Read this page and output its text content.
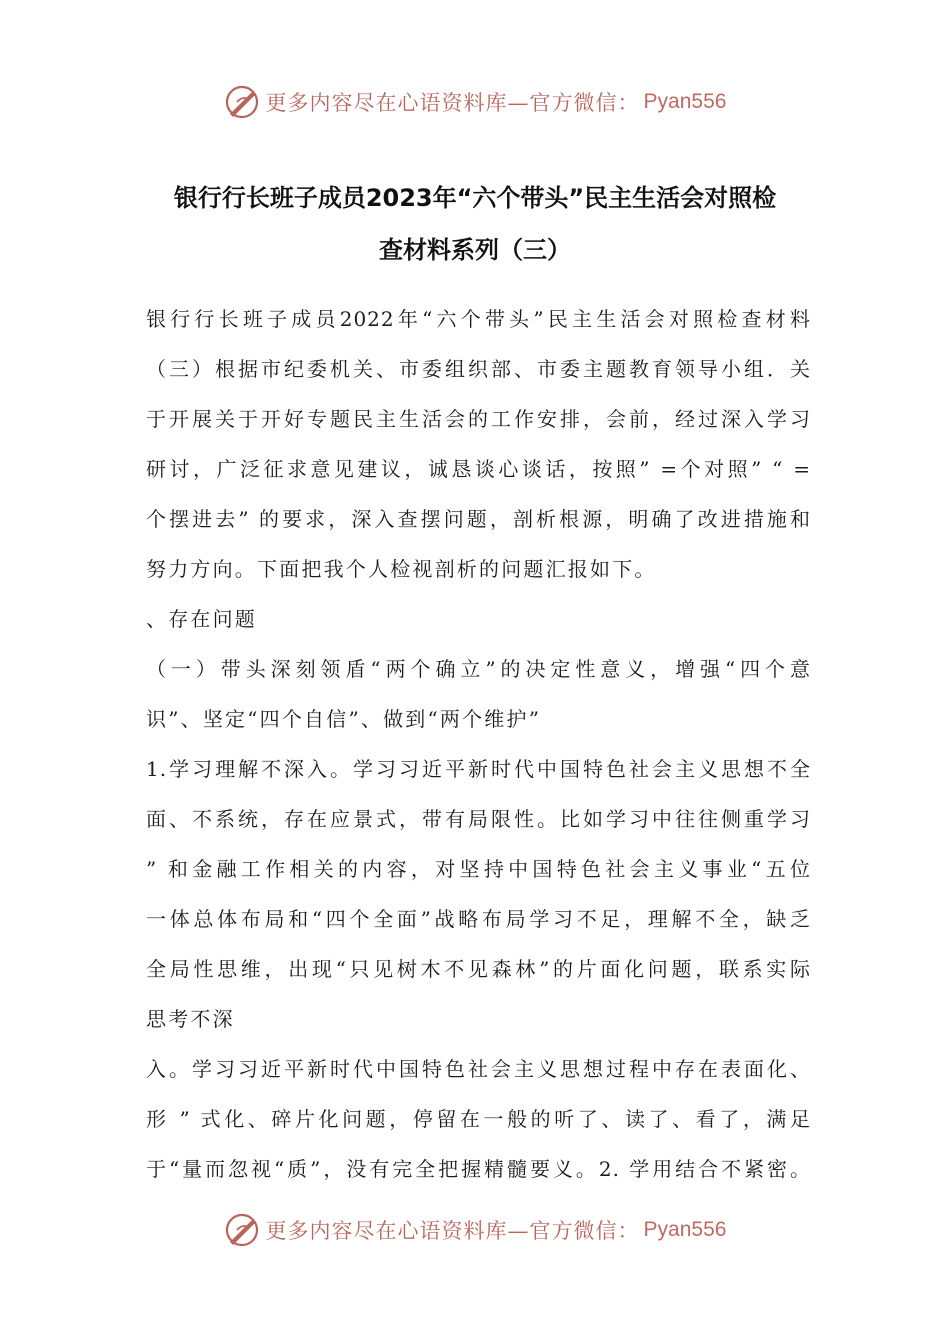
更多内容尽在心语资料库—官方微信： Pyan556
银行行长班子成员2023年“六个带头”民主生活会对照检
查材料系列（三）
银行行长班子成员2022年“六个带头”民主生活会对照检查材料
（三）根据市纪委机关、市委组织部、市委主题教育领导小组．关
于开展关于开好专题民主生活会的工作安排，会前，经过深入学习
研讨，广泛征求意见建议，诚恳谈心谈话，按照” =个对照” “ =
个摆进去” 的要求，深入查摆问题，剖析根源，明确了改进措施和
努力方向。下面把我个人检视剖析的问题汇报如下。
、存在问题
（一）带头深刻领盾“两个确立”的决定性意义，增强“四个意
识”、坚定“四个自信”、做到“两个维护”
1.学习理解不深入。学习习近平新时代中国特色社会主义思想不全
面、不系统，存在应景式，带有局限性。比如学习中往往侧重学习
” 和金融工作相关的内容，对坚持中国特色社会主义事业“五位
一体总体布局和“四个全面”战略布局学习不足，理解不全，缺乏
全局性思维，出现“只见树木不见森林”的片面化问题，联系实际
思考不深
入。学习习近平新时代中国特色社会主义思想过程中存在表面化、
形 ” 式化、碎片化问题，停留在一般的听了、读了、看了，满足
于“量而忽视“质”，没有完全把握精髓要义。2. 学用结合不紧密。
更多内容尽在心语资料库—官方微信： Pyan556
